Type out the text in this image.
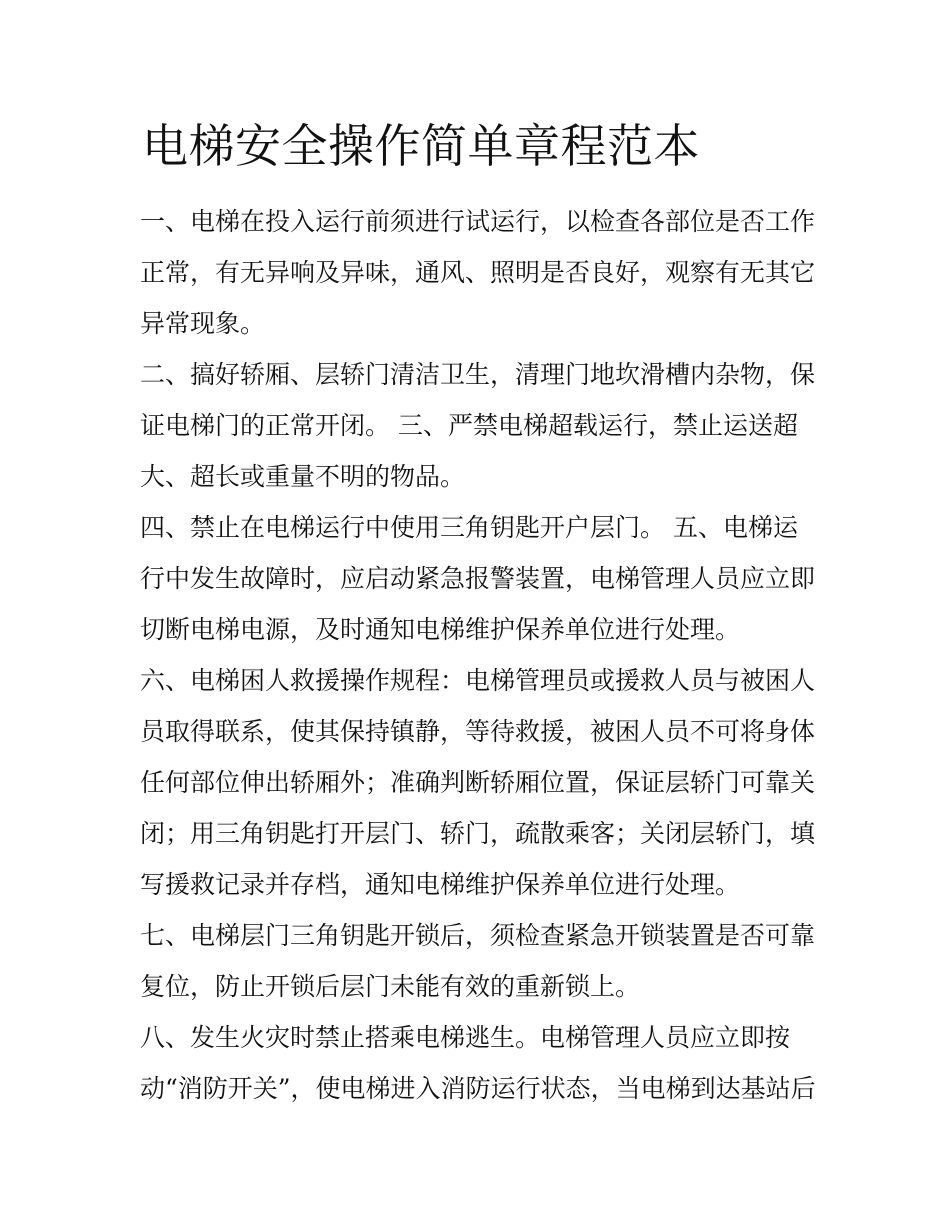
电梯安全操作简单章程范本
一、电梯在投入运行前须进行试运行，以检查各部位是否工作
正常，有无异响及异味，通风、照明是否良好，观察有无其它
异常现象。
二、搞好轿厢、层轿门清洁卫生，清理门地坎滑槽内杂物，保
证电梯门的正常开闭。 三、严禁电梯超载运行，禁止运送超
大、超长或重量不明的物品。
四、禁止在电梯运行中使用三角钥匙开户层门。 五、电梯运
行中发生故障时，应启动紧急报警装置，电梯管理人员应立即
切断电梯电源，及时通知电梯维护保养单位进行处理。
六、电梯困人救援操作规程：电梯管理员或援救人员与被困人
员取得联系，使其保持镇静，等待救援，被困人员不可将身体
任何部位伸出轿厢外；准确判断轿厢位置，保证层轿门可靠关
闭；用三角钥匙打开层门、轿门，疏散乘客；关闭层轿门，填
写援救记录并存档，通知电梯维护保养单位进行处理。
七、电梯层门三角钥匙开锁后，须检查紧急开锁装置是否可靠
复位，防止开锁后层门未能有效的重新锁上。
八、发生火灾时禁止搭乘电梯逃生。电梯管理人员应立即按
动“消防开关”，使电梯进入消防运行状态，当电梯到达基站后
